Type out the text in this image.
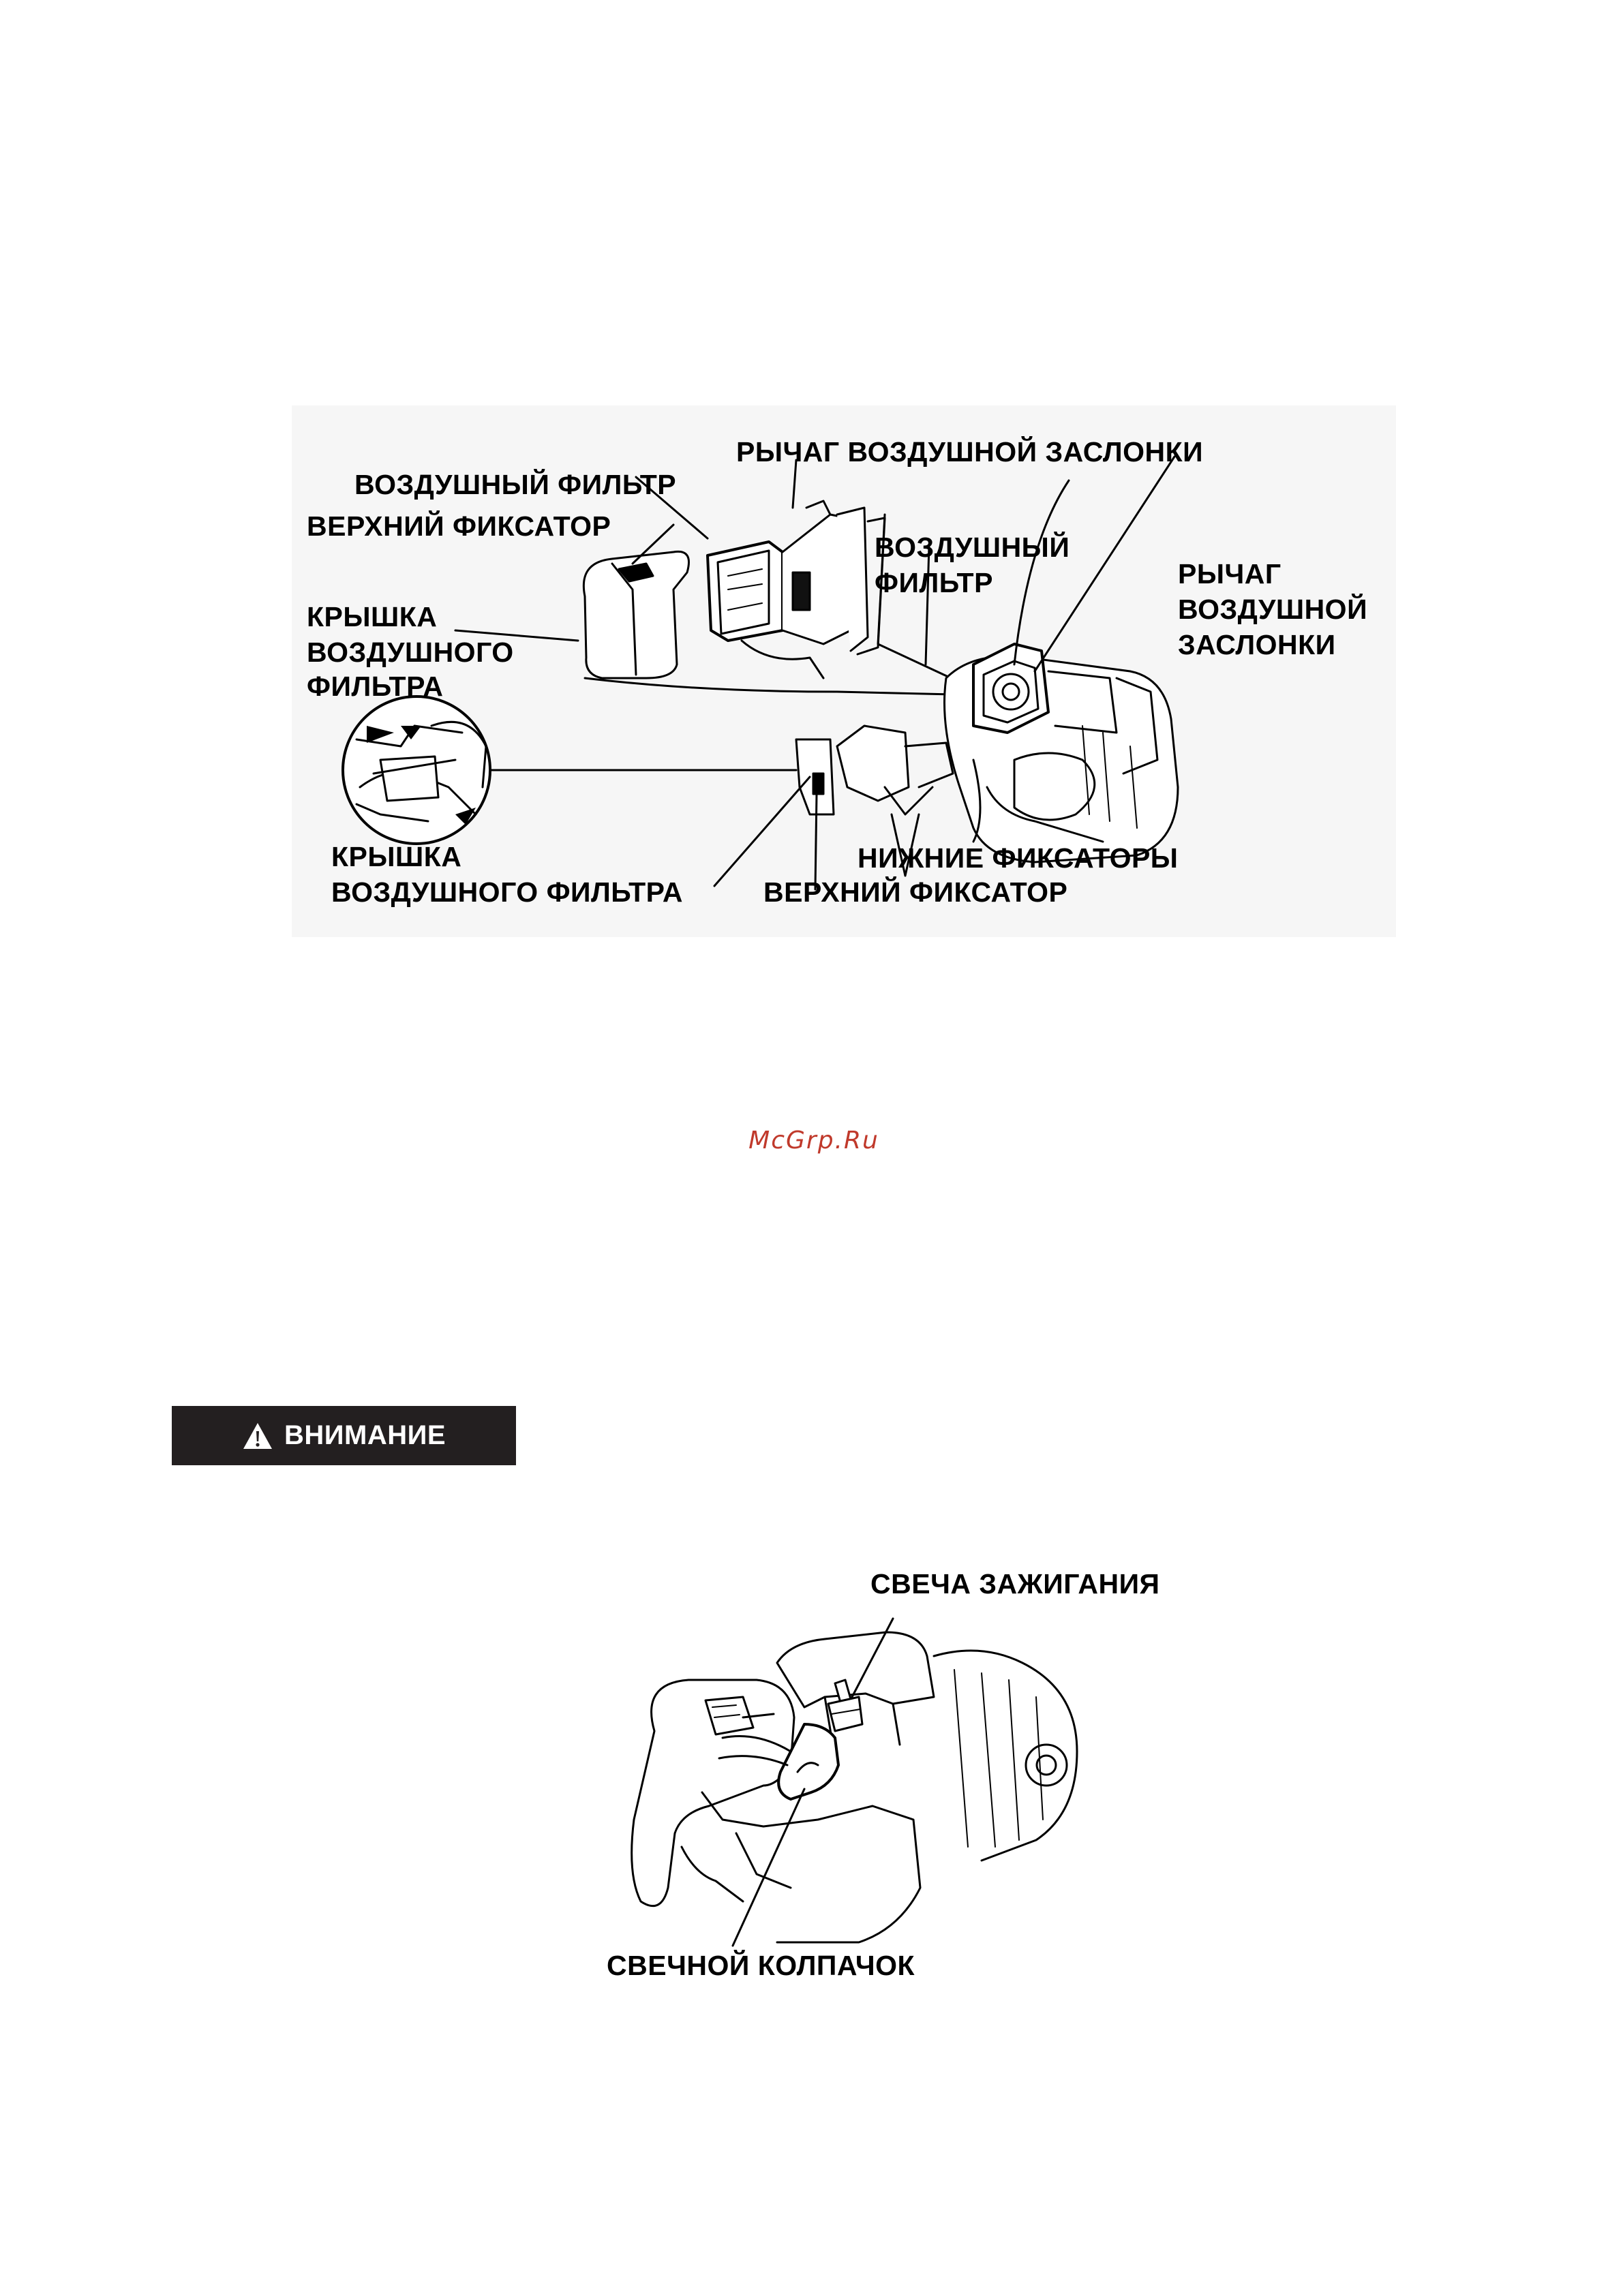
РЫЧАГ ВОЗДУШНОЙ ЗАСЛОНКИ
ВОЗДУШНЫЙ ФИЛЬТР
ВЕРХНИЙ ФИКСАТОР
КРЫШКА
ВОЗДУШНОГО
ФИЛЬТРА
ВОЗДУШНЫЙ
ФИЛЬТР	РЫЧАГ
ВОЗДУШНОЙ
ЗАСЛОНКИ
КРЫШКА
ВОЗДУШНОГО ФИЛЬТРА
НИЖНИЕ ФИКСАТОРЫ
ВЕРХНИЙ ФИКСАТОР
McGrp.Ru
ВНИМАНИЕ
СВЕЧА ЗАЖИГАНИЯ
СВЕЧНОЙ КОЛПАЧОК
